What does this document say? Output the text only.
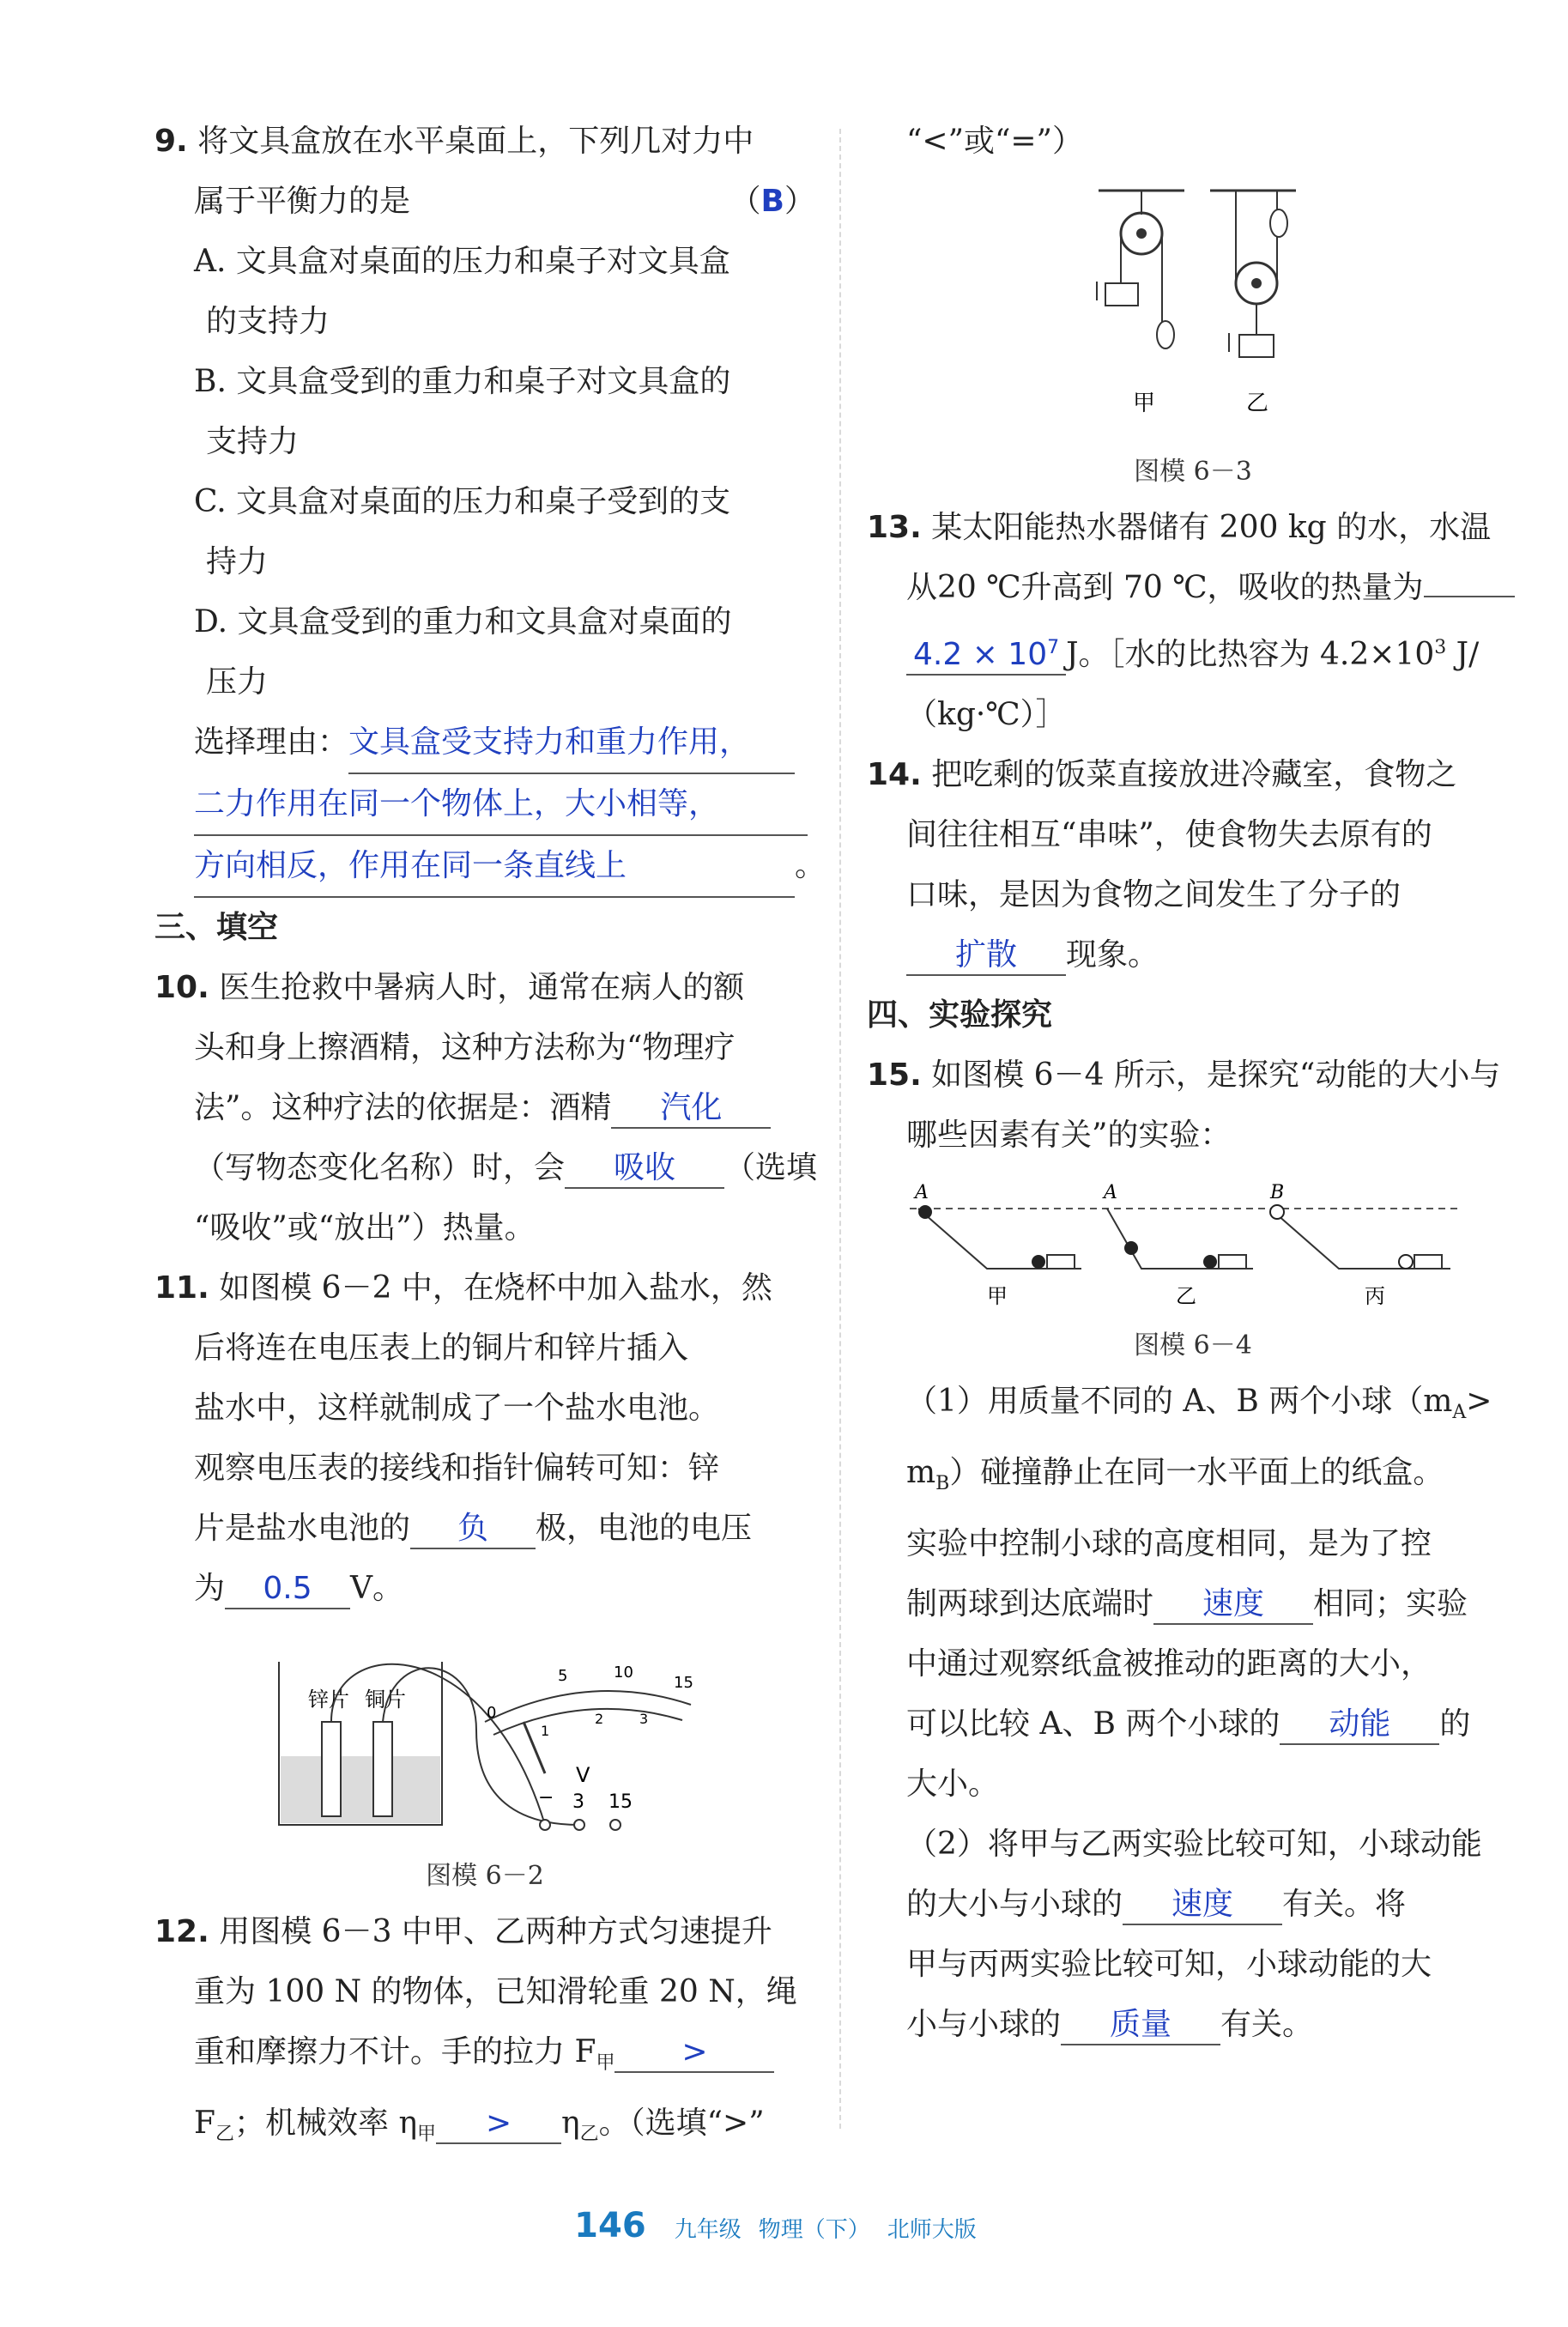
9. 将文具盒放在水平桌面上，下列几对力中
属于平衡力的是	（B）
A. 文具盒对桌面的压力和桌子对文具盒
的支持力
B. 文具盒受到的重力和桌子对文具盒的
支持力
C. 文具盒对桌面的压力和桌子受到的支
持力
D. 文具盒受到的重力和文具盒对桌面的
压力
选择理由：文具盒受支持力和重力作用，
二力作用在同一个物体上，大小相等，
方向相反，作用在同一条直线上	。
三、填空
10. 医生抢救中暑病人时，通常在病人的额
头和身上擦酒精，这种方法称为“物理疗
法”。这种疗法的依据是：酒精 汽化
（写物态变化名称）时，会 吸收 （选填
“吸收”或“放出”）热量。
11. 如图模 6－2 中，在烧杯中加入盐水，然
后将连在电压表上的铜片和锌片插入
盐水中，这样就制成了一个盐水电池。
观察电压表的接线和指针偏转可知：锌
片是盐水电池的 负 极，电池的电压
为 0.5 V。
锌片 铜片
0
5	10
15
1
2	3
V
− 3 15
图模 6－2
12. 用图模 6－3 中甲、乙两种方式匀速提升
重为 100 N 的物体，已知滑轮重 20 N，绳
重和摩擦力不计。手的拉力 $F_甲$ >
$F_乙$；机械效率 $\eta_甲 > \eta_乙$。（选填“>”
“<”或“=”）
甲	乙
图模 6－3
13. 某太阳能热水器储有 200 kg 的水，水温
从20 ℃升高到 70 ℃，吸收的热量为
$4.2 \times 10^7$ J。［水的比热容为 $4.2\times 10^3$ J/
（kg·℃）］
14. 把吃剩的饭菜直接放进冷藏室，食物之
间往往相互“串味”，使食物失去原有的
口味，是因为食物之间发生了分子的
扩散 现象。
四、实验探究
15. 如图模 6－4 所示，是探究“动能的大小与
哪些因素有关”的实验：
A
甲
A
乙
B
丙
图模 6－4
（1）用质量不同的 A、B 两个小球（$m_A>$
$m_B$）碰撞静止在同一水平面上的纸盒。
实验中控制小球的高度相同，是为了控
制两球到达底端时 速度 相同；实验
中通过观察纸盒被推动的距离的大小，
可以比较 A、B 两个小球的 动能 的
大小。
（2）将甲与乙两实验比较可知，小球动能
的大小与小球的 速度 有关。将
甲与丙两实验比较可知，小球动能的大
小与小球的 质量 有关。
146 九年级 物理（下） 北师大版
